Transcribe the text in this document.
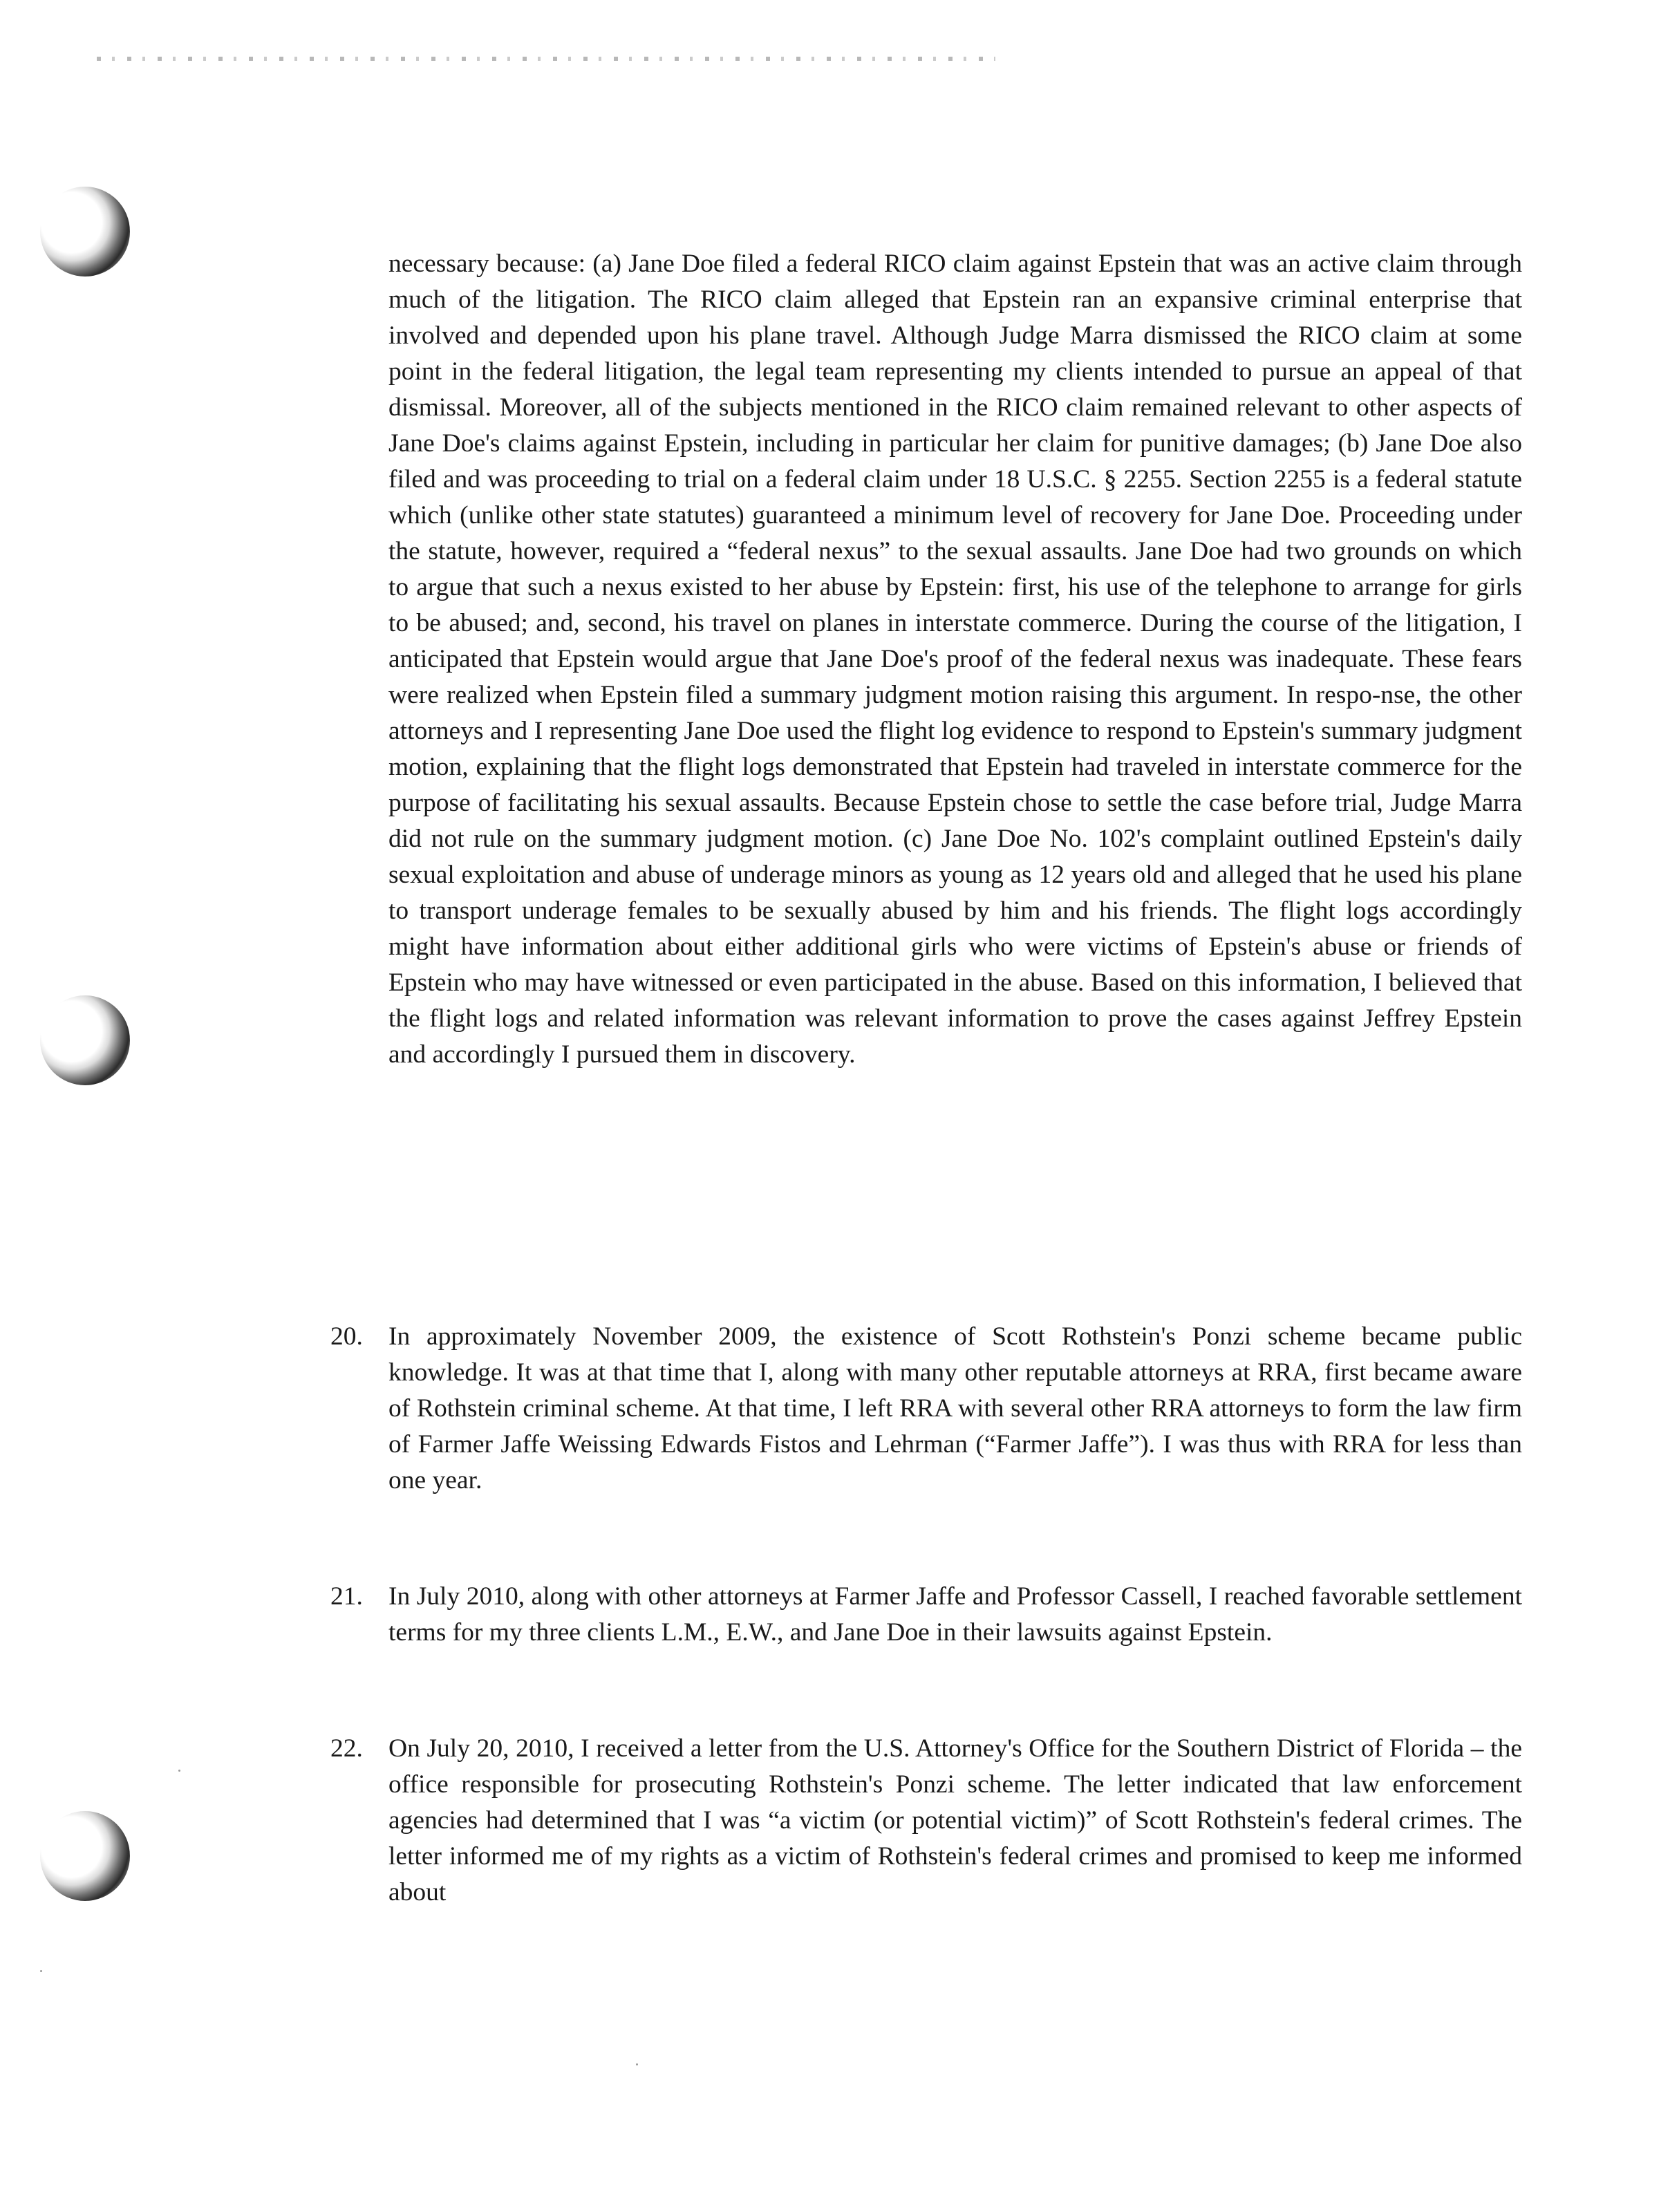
necessary because: (a) Jane Doe filed a federal RICO claim against Epstein that was an active claim through much of the litigation. The RICO claim alleged that Epstein ran an expansive criminal enterprise that involved and depended upon his plane travel. Although Judge Marra dismissed the RICO claim at some point in the federal litigation, the legal team representing my clients intended to pursue an appeal of that dismissal. Moreover, all of the subjects mentioned in the RICO claim remained relevant to other aspects of Jane Doe's claims against Epstein, including in particular her claim for punitive damages; (b) Jane Doe also filed and was proceeding to trial on a federal claim under 18 U.S.C. § 2255. Section 2255 is a federal statute which (unlike other state statutes) guaranteed a minimum level of recovery for Jane Doe. Proceeding under the statute, however, required a “federal nexus” to the sexual assaults. Jane Doe had two grounds on which to argue that such a nexus existed to her abuse by Epstein: first, his use of the telephone to arrange for girls to be abused; and, second, his travel on planes in interstate commerce. During the course of the litigation, I anticipated that Epstein would argue that Jane Doe's proof of the federal nexus was inadequate. These fears were realized when Epstein filed a summary judgment motion raising this argument. In respo-nse, the other attorneys and I representing Jane Doe used the flight log evidence to respond to Epstein's summary judgment motion, explaining that the flight logs demonstrated that Epstein had traveled in interstate commerce for the purpose of facilitating his sexual assaults. Because Epstein chose to settle the case before trial, Judge Marra did not rule on the summary judgment motion. (c) Jane Doe No. 102's complaint outlined Epstein's daily sexual exploitation and abuse of underage minors as young as 12 years old and alleged that he used his plane to transport underage females to be sexually abused by him and his friends. The flight logs accordingly might have information about either additional girls who were victims of Epstein's abuse or friends of Epstein who may have witnessed or even participated in the abuse. Based on this information, I believed that the flight logs and related information was relevant information to prove the cases against Jeffrey Epstein and accordingly I pursued them in discovery.
20. In approximately November 2009, the existence of Scott Rothstein's Ponzi scheme became public knowledge. It was at that time that I, along with many other reputable attorneys at RRA, first became aware of Rothstein criminal scheme. At that time, I left RRA with several other RRA attorneys to form the law firm of Farmer Jaffe Weissing Edwards Fistos and Lehrman (“Farmer Jaffe”). I was thus with RRA for less than one year.
21. In July 2010, along with other attorneys at Farmer Jaffe and Professor Cassell, I reached favorable settlement terms for my three clients L.M., E.W., and Jane Doe in their lawsuits against Epstein.
22. On July 20, 2010, I received a letter from the U.S. Attorney's Office for the Southern District of Florida – the office responsible for prosecuting Rothstein's Ponzi scheme. The letter indicated that law enforcement agencies had determined that I was “a victim (or potential victim)” of Scott Rothstein's federal crimes. The letter informed me of my rights as a victim of Rothstein's federal crimes and promised to keep me informed about
